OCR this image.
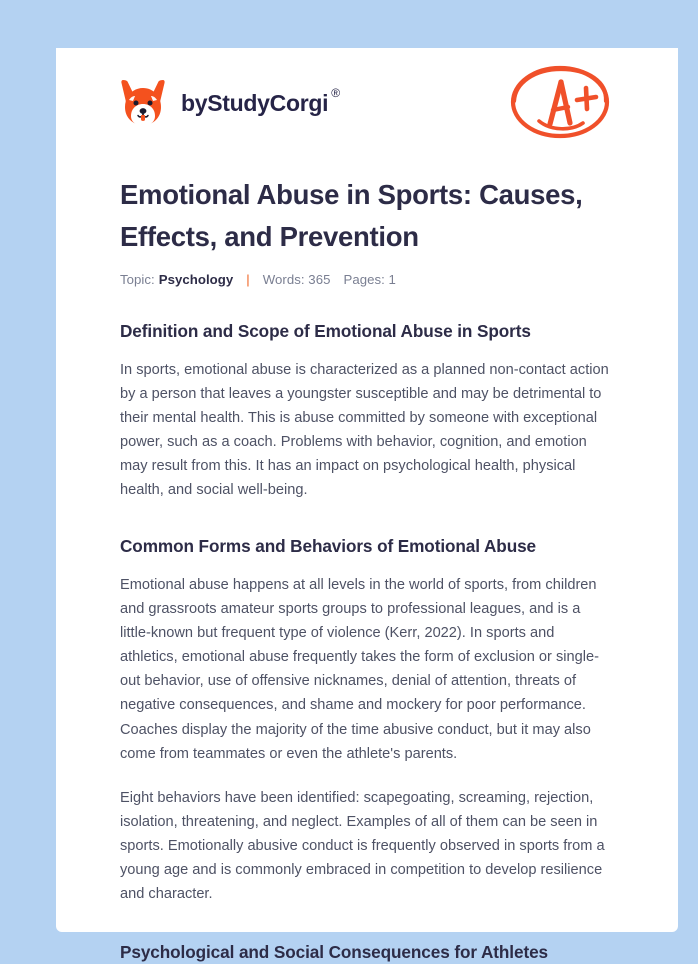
by StudyCorgi ®
Emotional Abuse in Sports: Causes, Effects, and Prevention
Topic: Psychology | Words: 365 Pages: 1
Definition and Scope of Emotional Abuse in Sports

In sports, emotional abuse is characterized as a planned non-contact action by a person that leaves a youngster susceptible and may be detrimental to their mental health. This is abuse committed by someone with exceptional power, such as a coach. Problems with behavior, cognition, and emotion may result from this. It has an impact on psychological health, physical health, and social well-being.

Common Forms and Behaviors of Emotional Abuse

Emotional abuse happens at all levels in the world of sports, from children and grassroots amateur sports groups to professional leagues, and is a little-known but frequent type of violence (Kerr, 2022). In sports and athletics, emotional abuse frequently takes the form of exclusion or single-out behavior, use of offensive nicknames, denial of attention, threats of negative consequences, and shame and mockery for poor performance. Coaches display the majority of the time abusive conduct, but it may also come from teammates or even the athlete's parents.

Eight behaviors have been identified: scapegoating, screaming, rejection, isolation, threatening, and neglect. Examples of all of them can be seen in sports. Emotionally abusive conduct is frequently observed in sports from a young age and is commonly embraced in competition to develop resilience and character.

Psychological and Social Consequences for Athletes
